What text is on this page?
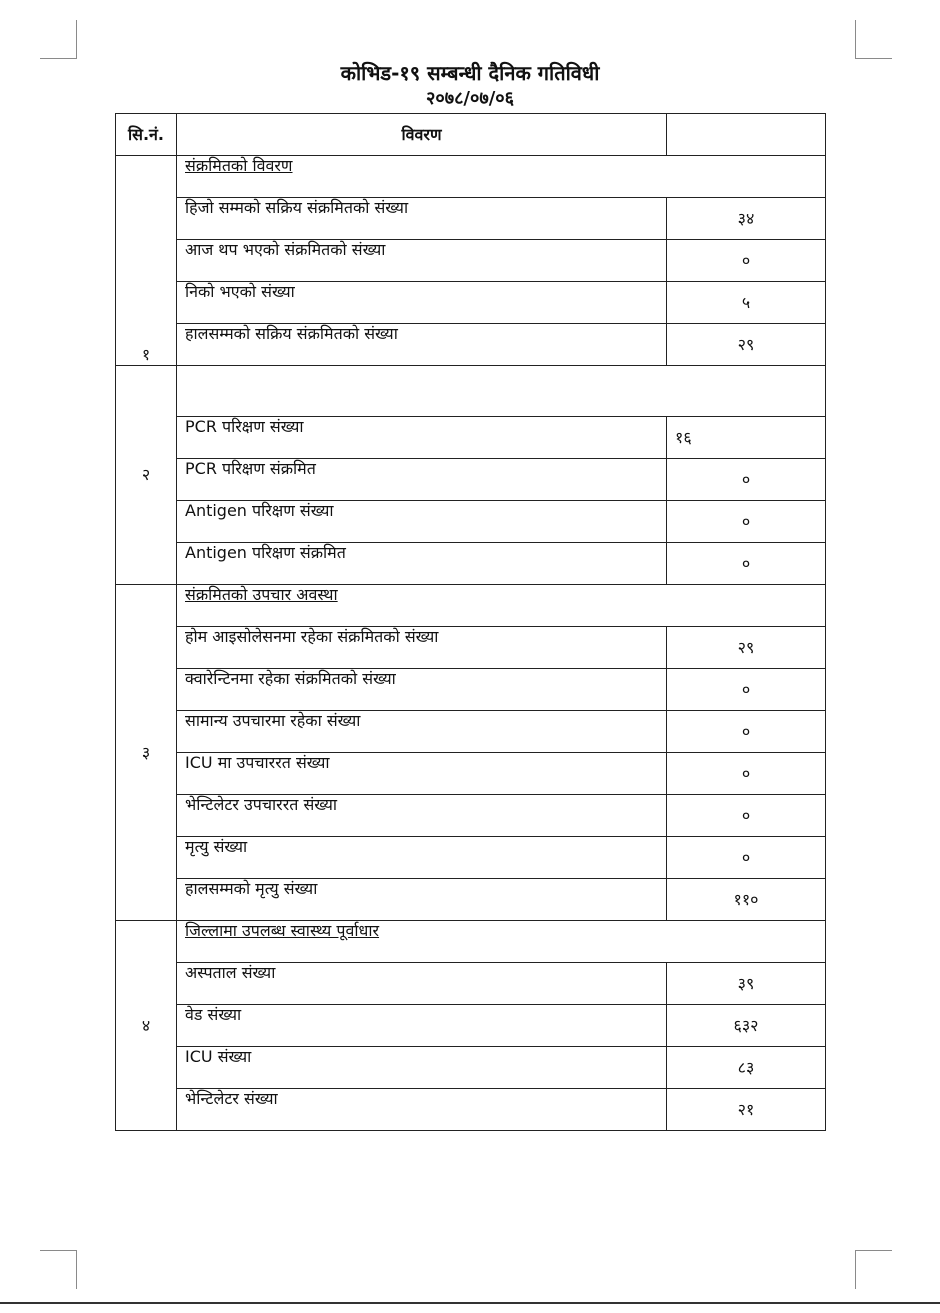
कोभिड-१९ सम्बन्धी दैनिक गतिविधी
२०७८/०७/०६
सि.नं.	विवरण	
१	संक्रमितको विवरण	
	हिजो सम्मको सक्रिय संक्रमितको संख्या	३४
	आज थप भएको संक्रमितको संख्या	०
	निको भएको संख्या	५
	हालसम्मको सक्रिय संक्रमितको संख्या	२९
२		
	PCR परिक्षण संख्या	१६
	PCR परिक्षण संक्रमित	०
	Antigen परिक्षण संख्या	०
	Antigen परिक्षण संक्रमित	०
३	संक्रमितको उपचार अवस्था	
	होम आइसोलेसनमा रहेका संक्रमितको संख्या	२९
	क्वारेन्टिनमा रहेका संक्रमितको संख्या	०
	सामान्य उपचारमा रहेका संख्या	०
	ICU मा उपचाररत संख्या	०
	भेन्टिलेटर उपचाररत संख्या	०
	मृत्यु संख्या	०
	हालसम्मको मृत्यु संख्या	११०
४	जिल्लामा उपलब्ध स्वास्थ्य पूर्वाधार	
	अस्पताल संख्या	३९
	वेड संख्या	६३२
	ICU संख्या	८३
	भेन्टिलेटर संख्या	२१
